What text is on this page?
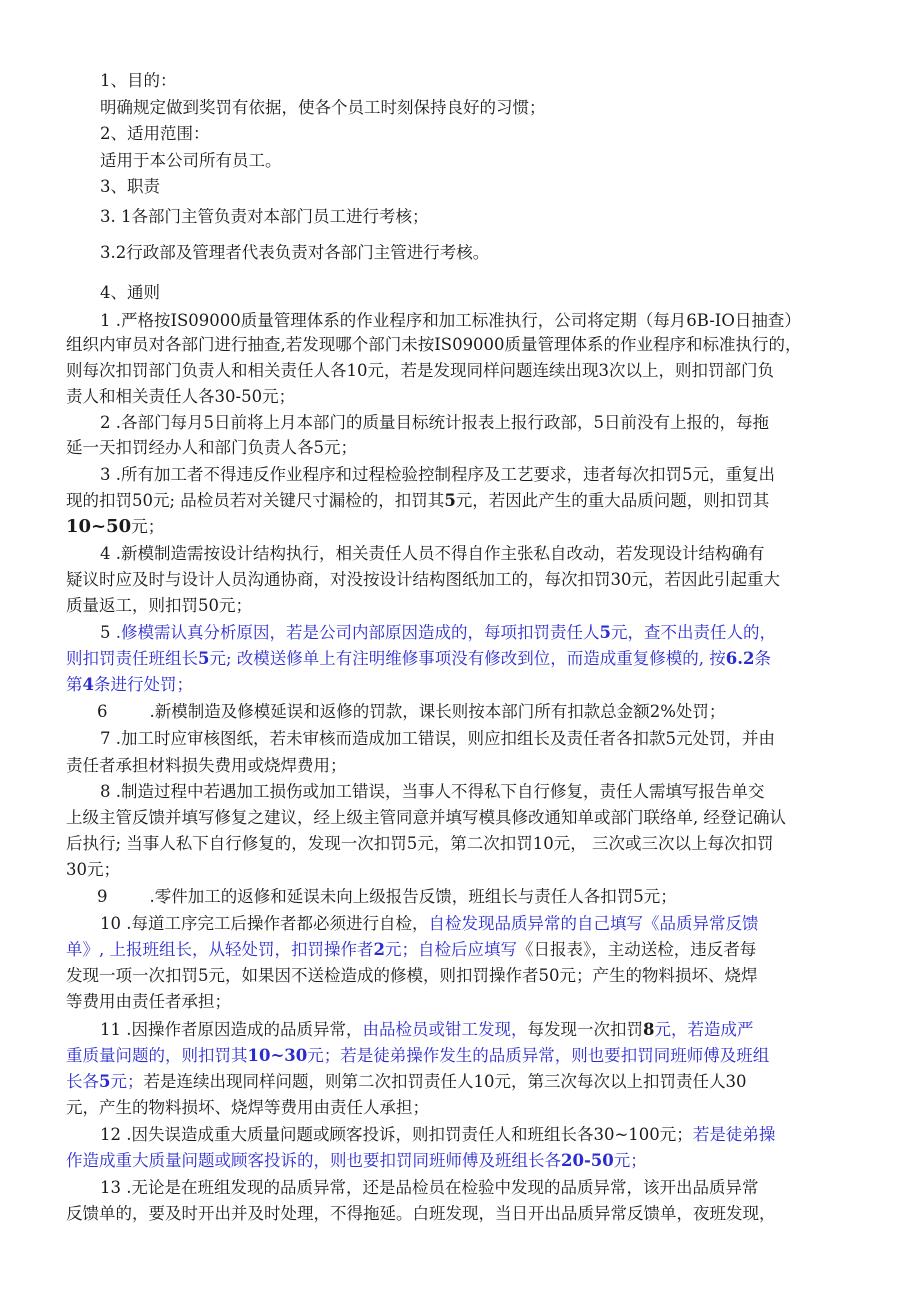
1、目的：
明确规定做到奖罚有依据，使各个员工时刻保持良好的习惯；
2、适用范围：
适用于本公司所有员工。
3、职责
3. 1各部门主管负责对本部门员工进行考核；
3.2行政部及管理者代表负责对各部门主管进行考核。
4、通则
1 .严格按IS09000质量管理体系的作业程序和加工标准执行，公司将定期（每月6B-IO日抽查）
组织内审员对各部门进行抽查,若发现哪个部门未按IS09000质量管理体系的作业程序和标准执行的，
则每次扣罚部门负责人和相关责任人各10元，若是发现同样问题连续出现3次以上，则扣罚部门负
责人和相关责任人各30-50元；
2 .各部门每月5日前将上月本部门的质量目标统计报表上报行政部，5日前没有上报的，每拖
延一天扣罚经办人和部门负责人各5元；
3 .所有加工者不得违反作业程序和过程检验控制程序及工艺要求，违者每次扣罚5元，重复出
现的扣罚50元; 品检员若对关键尺寸漏检的，扣罚其5元，若因此产生的重大品质问题，则扣罚其
10~50元；
4 .新模制造需按设计结构执行，相关责任人员不得自作主张私自改动，若发现设计结构确有
疑议时应及时与设计人员沟通协商，对没按设计结构图纸加工的，每次扣罚30元，若因此引起重大
质量返工，则扣罚50元；
5 .修模需认真分析原因，若是公司内部原因造成的，每项扣罚责任人5元，查不出责任人的，
则扣罚责任班组长5元; 改模送修单上有注明维修事项没有修改到位，而造成重复修模的, 按6.2条
第4条进行处罚；
6        .新模制造及修模延误和返修的罚款，课长则按本部门所有扣款总金额2%处罚；
7 .加工时应审核图纸，若未审核而造成加工错误，则应扣组长及责任者各扣款5元处罚，并由
责任者承担材料损失费用或烧焊费用；
8 .制造过程中若遇加工损伤或加工错误，当事人不得私下自行修复，责任人需填写报告单交
上级主管反馈并填写修复之建议，经上级主管同意并填写模具修改通知单或部门联络单, 经登记确认
后执行; 当事人私下自行修复的，发现一次扣罚5元，第二次扣罚10元， 三次或三次以上每次扣罚
30元；
9        .零件加工的返修和延误未向上级报告反馈，班组长与责任人各扣罚5元；
10 .每道工序完工后操作者都必须进行自检，自检发现品质异常的自己填写《品质异常反馈
单》, 上报班组长，从轻处罚，扣罚操作者2元；自检后应填写《日报表》，主动送检，违反者每
发现一项一次扣罚5元，如果因不送检造成的修模，则扣罚操作者50元；产生的物料损坏、烧焊
等费用由责任者承担；
11 .因操作者原因造成的品质异常，由品检员或钳工发现，每发现一次扣罚8元，若造成严
重质量问题的，则扣罚其10~30元；若是徒弟操作发生的品质异常，则也要扣罚同班师傅及班组
长各5元；若是连续出现同样问题，则第二次扣罚责任人10元，第三次每次以上扣罚责任人30
元，产生的物料损坏、烧焊等费用由责任人承担；
12 .因失误造成重大质量问题或顾客投诉，则扣罚责任人和班组长各30~100元；若是徒弟操
作造成重大质量问题或顾客投诉的，则也要扣罚同班师傅及班组长各20-50元；
13 .无论是在班组发现的品质异常，还是品检员在检验中发现的品质异常，该开出品质异常
反馈单的，要及时开出并及时处理，不得拖延。白班发现，当日开出品质异常反馈单，夜班发现，
